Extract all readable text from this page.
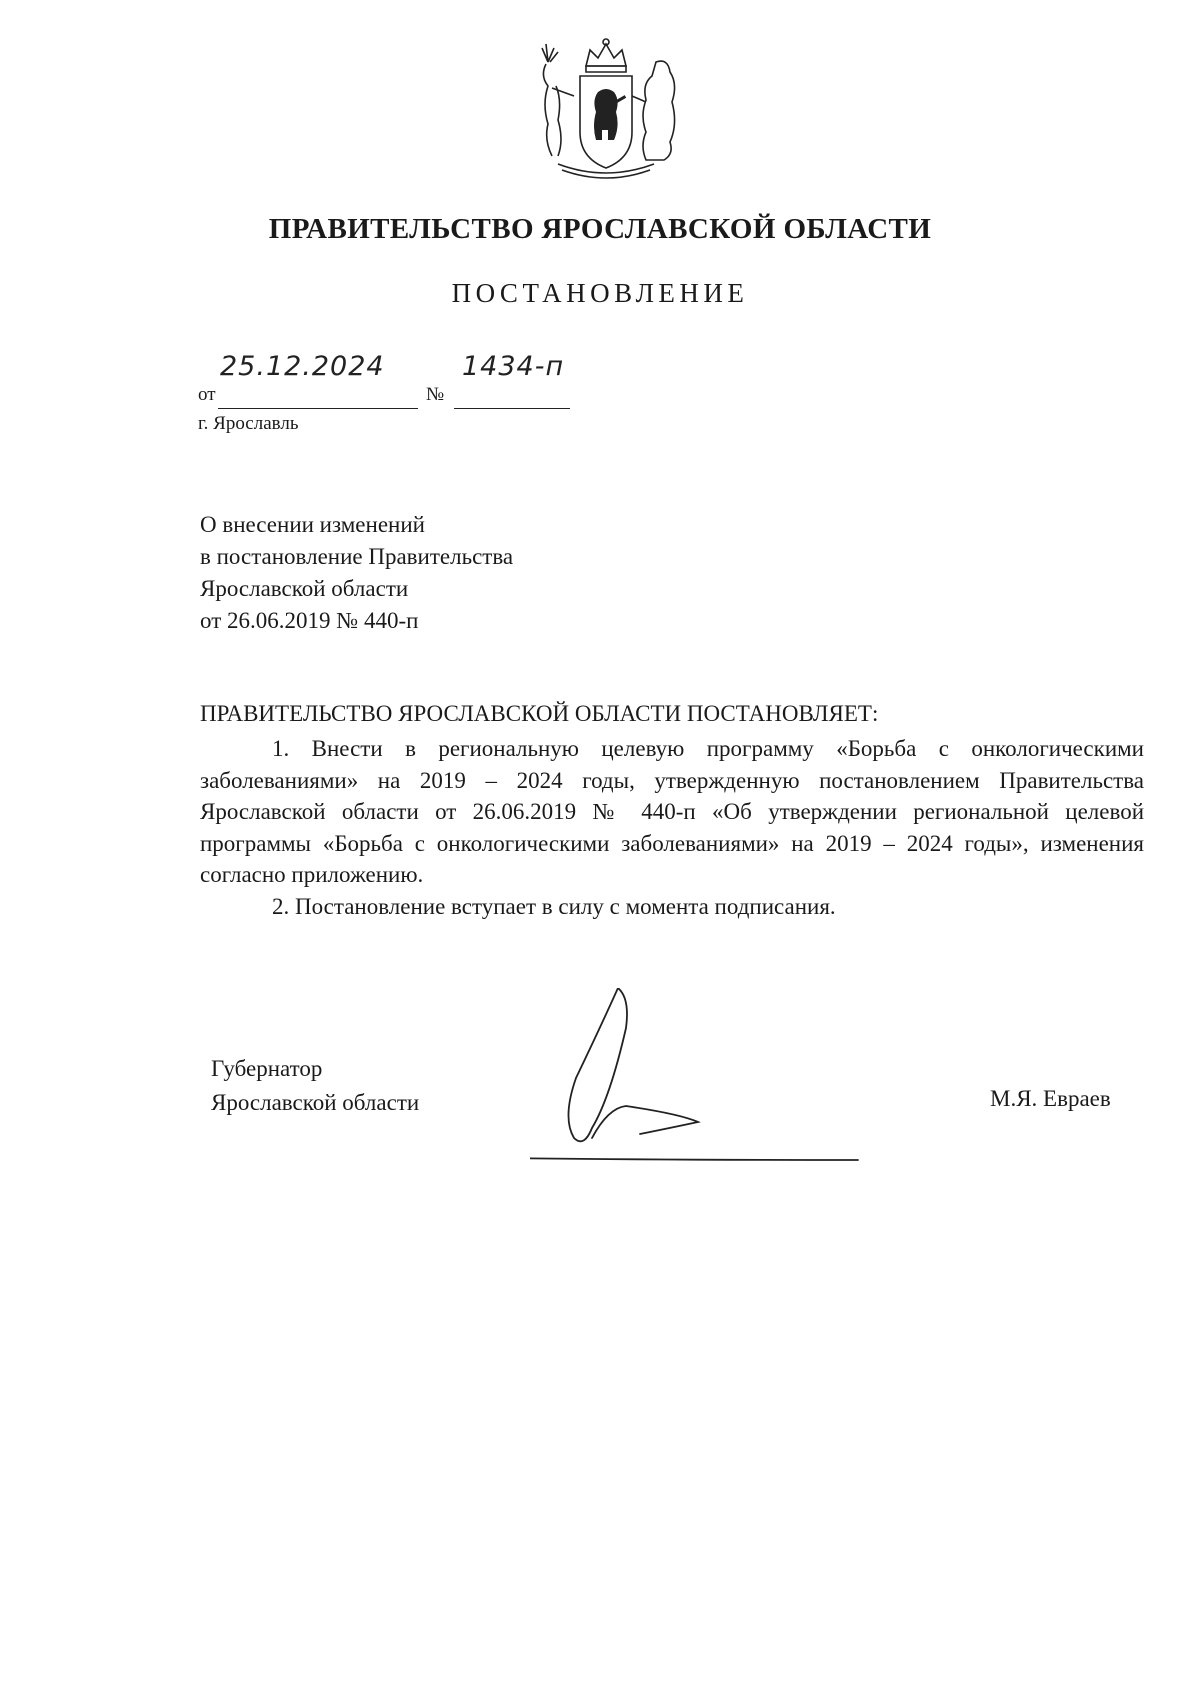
ПРАВИТЕЛЬСТВО ЯРОСЛАВСКОЙ ОБЛАСТИ
ПОСТАНОВЛЕНИЕ
от
25.12.2024
№
1434-п
г. Ярославль
О внесении изменений
в постановление Правительства
Ярославской области
от 26.06.2019 № 440-п
ПРАВИТЕЛЬСТВО ЯРОСЛАВСКОЙ ОБЛАСТИ ПОСТАНОВЛЯЕТ:

1. Внести в региональную целевую программу «Борьба с онкологическими заболеваниями» на 2019 – 2024 годы, утвержденную постановлением Правительства Ярославской области от 26.06.2019 № 440-п «Об утверждении региональной целевой программы «Борьба с онкологическими заболеваниями» на 2019 – 2024 годы», изменения согласно приложению.

2. Постановление вступает в силу с момента подписания.

Губернатор
Ярославской области	М.Я. Евраев
